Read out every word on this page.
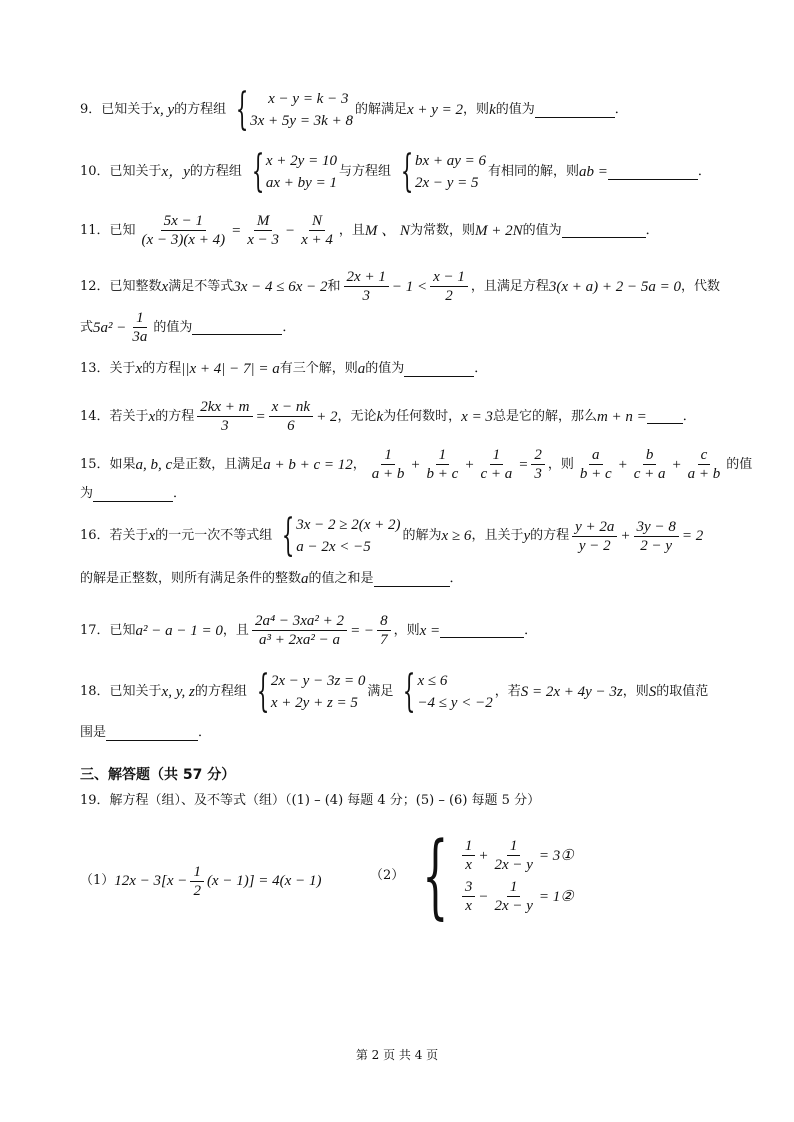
9．已知关于 x, y 的方程组 {	x − y = k − 3
3x + 5y = 3k + 8
的解满足 x + y = 2 ，则 k 的值为	．
10．已知关于 x，y 的方程组 { x + 2y = 10
ax + by = 1
与方程组 { bx + ay = 6
2x − y = 5
有相同的解，则 ab =	．
11．已知 $\frac{5x - 1}{(x - 3)(x + 4)} = \frac{M}{x - 3} - \frac{N}{x + 4}$ ，且 M 、 N 为常数，则 M + 2N 的值为	．
12．已知整数 x 满足不等式 3x − 4 ≤ 6x − 2 和 $\frac{2x + 1}{3} - 1 < \frac{x - 1}{2}$ ，且满足方程 3(x + a) + 2 − 5a = 0 ，代数
式 $5a^2 - \frac{1}{3a}$ 的值为	．
13．关于 x 的方程 ||x + 4| − 7| = a 有三个解，则 a 的值为	．
14．若关于 x 的方程 $\frac{2kx + m}{3} = \frac{x - nk}{6} + 2$ ，无论 k 为任何数时， x = 3 总是它的解，那么 m + n =	．
15．如果 a, b, c 是正数，且满足 a + b + c = 12 ， $\frac{1}{a + b} + \frac{1}{b + c} + \frac{1}{c + a} = \frac{2}{3}$ ，则 $\frac{a}{b + c} + \frac{b}{c + a} + \frac{c}{a + b}$ 的值
为	．
16．若关于 x 的一元一次不等式组 { 3x − 2 ≥ 2(x + 2)
a − 2x < −5
的解为 x ≥ 6 ，且关于 y 的方程 $\frac{y + 2a}{y - 2} + \frac{3y - 8}{2 - y} = 2$
的解是正整数，则所有满足条件的整数 a 的值之和是	．
17．已知 a² − a − 1 = 0 ，且 $\frac{\text{2a⁴ − 3xa² + 2}}{\text{a³ + 2xa² − a}}$ = − $\frac{8}{7}$ ，则 x =	．
18．已知关于 x, y, z 的方程组 { 2x − y − 3z = 0
x + 2y + z = 5
满足 { x ≤ 6
−4 ≤ y < −2
，若 S = 2x + 4y − 3z ，则 S 的取值范
围是	．
三、解答题（共 57 分）
19．解方程（组）、及不等式（组）（(1) – (4) 每题 4 分；(5) – (6) 每题 5 分）
（1） $12x - 3[x - \frac{1}{2} (x - 1)] = 4(x - 1)$	（2） { $\frac{1}{x} + \frac{1}{2x - y}$ = 3①
$\frac{3}{x} - \frac{1}{2x - y}$ = 1②
第 2 页 共 4 页
